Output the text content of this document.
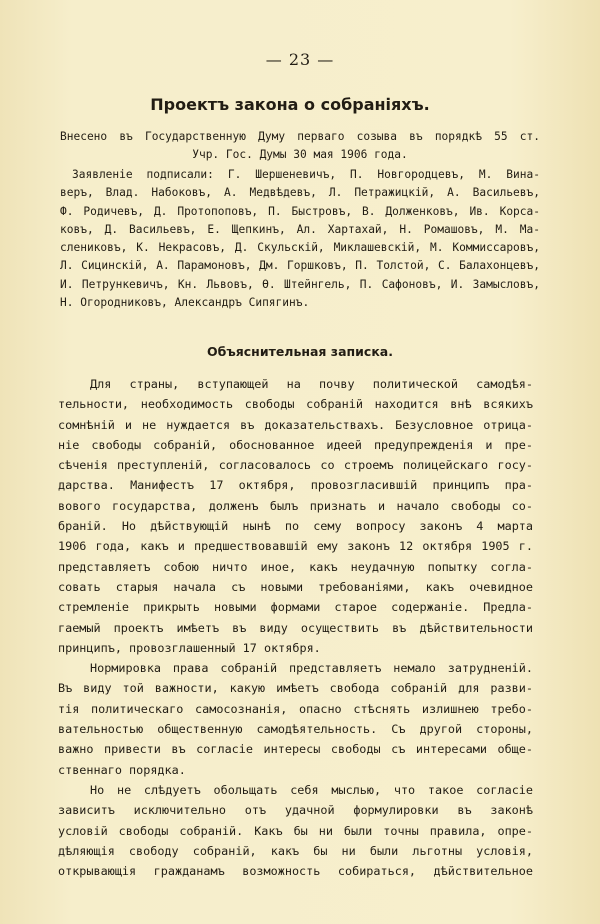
— 23 —
Проектъ закона о собраніяхъ.
Внесено въ Государственную Думу перваго созыва въ порядкѣ 55 ст.
Учр. Гос. Думы 30 мая 1906 года.
Заявленіе подписали: Г. Шершеневичъ, П. Новгородцевъ, М. Вина-
веръ, Влад. Набоковъ, А. Медвѣдевъ, Л. Петражицкій, А. Васильевъ,
Ф. Родичевъ, Д. Протопоповъ, П. Быстровъ, В. Долженковъ, Ив. Корса-
ковъ, Д. Васильевъ, Е. Щепкинъ, Ал. Хартахай, Н. Ромашовъ, М. Ма-
слениковъ, К. Некрасовъ, Д. Скульскій, Миклашевскій, М. Коммиссаровъ,
Л. Сицинскій, А. Парамоновъ, Дм. Горшковъ, П. Толстой, С. Балахонцевъ,
И. Петрункевичъ, Кн. Львовъ, Ѳ. Штейнгель, П. Сафоновъ, И. Замысловъ,
Н. Огородниковъ, Александръ Сипягинъ.
Объяснительная записка.
Для страны, вступающей на почву политической самодѣя-
тельности, необходимость свободы собраній находится внѣ всякихъ
сомнѣній и не нуждается въ доказательствахъ. Безусловное отрица-
ніе свободы собраній, обоснованное идеей предупрежденія и пре-
сѣченія преступленій, согласовалось со строемъ полицейскаго госу-
дарства. Манифестъ 17 октября, провозгласившій принципъ пра-
вового государства, долженъ былъ признать и начало свободы со-
браній. Но дѣйствующій нынѣ по сему вопросу законъ 4 марта
1906 года, какъ и предшествовавшій ему законъ 12 октября 1905 г.
представляетъ собою ничто иное, какъ неудачную попытку согла-
совать старыя начала съ новыми требованіями, какъ очевидное
стремленіе прикрыть новыми формами старое содержаніе. Предла-
гаемый проектъ имѣетъ въ виду осуществить въ дѣйствительности
принципъ, провозглашенный 17 октября.
Нормировка права собраній представляетъ немало затрудненій.
Въ виду той важности, какую имѣетъ свобода собраній для разви-
тія политическаго самосознанія, опасно стѣснять излишнею требо-
вательностью общественную самодѣятельность. Съ другой стороны,
важно привести въ согласіе интересы свободы съ интересами обще-
ственнаго порядка.
Но не слѣдуетъ обольщать себя мыслью, что такое согласіе
зависитъ исключительно отъ удачной формулировки въ законѣ
условій свободы собраній. Какъ бы ни были точны правила, опре-
дѣляющія свободу собраній, какъ бы ни были льготны условія,
открывающія гражданамъ возможность собираться, дѣйствительное
